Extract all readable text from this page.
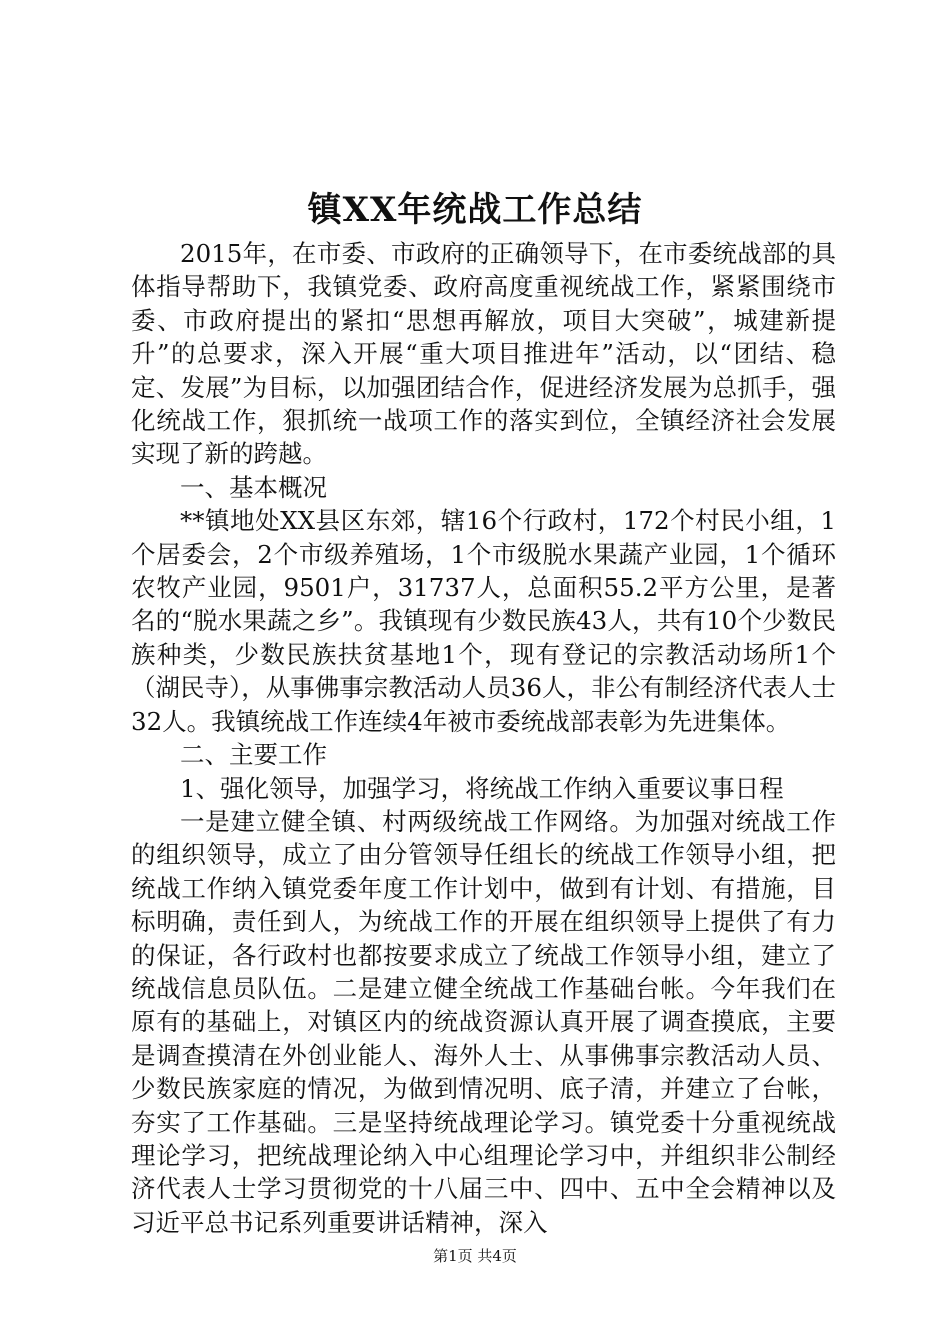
镇XX年统战工作总结

2015年，在市委、市政府的正确领导下，在市委统战部的具体指导帮助下，我镇党委、政府高度重视统战工作，紧紧围绕市委、市政府提出的紧扣“思想再解放，项目大突破”，城建新提升”的总要求，深入开展“重大项目推进年”活动，以“团结、稳定、发展”为目标，以加强团结合作，促进经济发展为总抓手，强化统战工作，狠抓统一战项工作的落实到位，全镇经济社会发展实现了新的跨越。

一、基本概况

**镇地处XX县区东郊，辖16个行政村，172个村民小组，1个居委会，2个市级养殖场，1个市级脱水果蔬产业园，1个循环农牧产业园，9501户，31737人，总面积55.2平方公里，是著名的“脱水果蔬之乡”。我镇现有少数民族43人，共有10个少数民族种类，少数民族扶贫基地1个，现有登记的宗教活动场所1个（湖民寺），从事佛事宗教活动人员36人，非公有制经济代表人士32人。我镇统战工作连续4年被市委统战部表彰为先进集体。

二、主要工作

1、强化领导，加强学习，将统战工作纳入重要议事日程

一是建立健全镇、村两级统战工作网络。为加强对统战工作的组织领导，成立了由分管领导任组长的统战工作领导小组，把统战工作纳入镇党委年度工作计划中，做到有计划、有措施，目标明确，责任到人，为统战工作的开展在组织领导上提供了有力的保证，各行政村也都按要求成立了统战工作领导小组，建立了统战信息员队伍。二是建立健全统战工作基础台帐。今年我们在原有的基础上，对镇区内的统战资源认真开展了调查摸底，主要是调查摸清在外创业能人、海外人士、从事佛事宗教活动人员、少数民族家庭的情况，为做到情况明、底子清，并建立了台帐，夯实了工作基础。三是坚持统战理论学习。镇党委十分重视统战理论学习，把统战理论纳入中心组理论学习中，并组织非公制经济代表人士学习贯彻党的十八届三中、四中、五中全会精神以及习近平总书记系列重要讲话精神，深入

第1页 共4页
